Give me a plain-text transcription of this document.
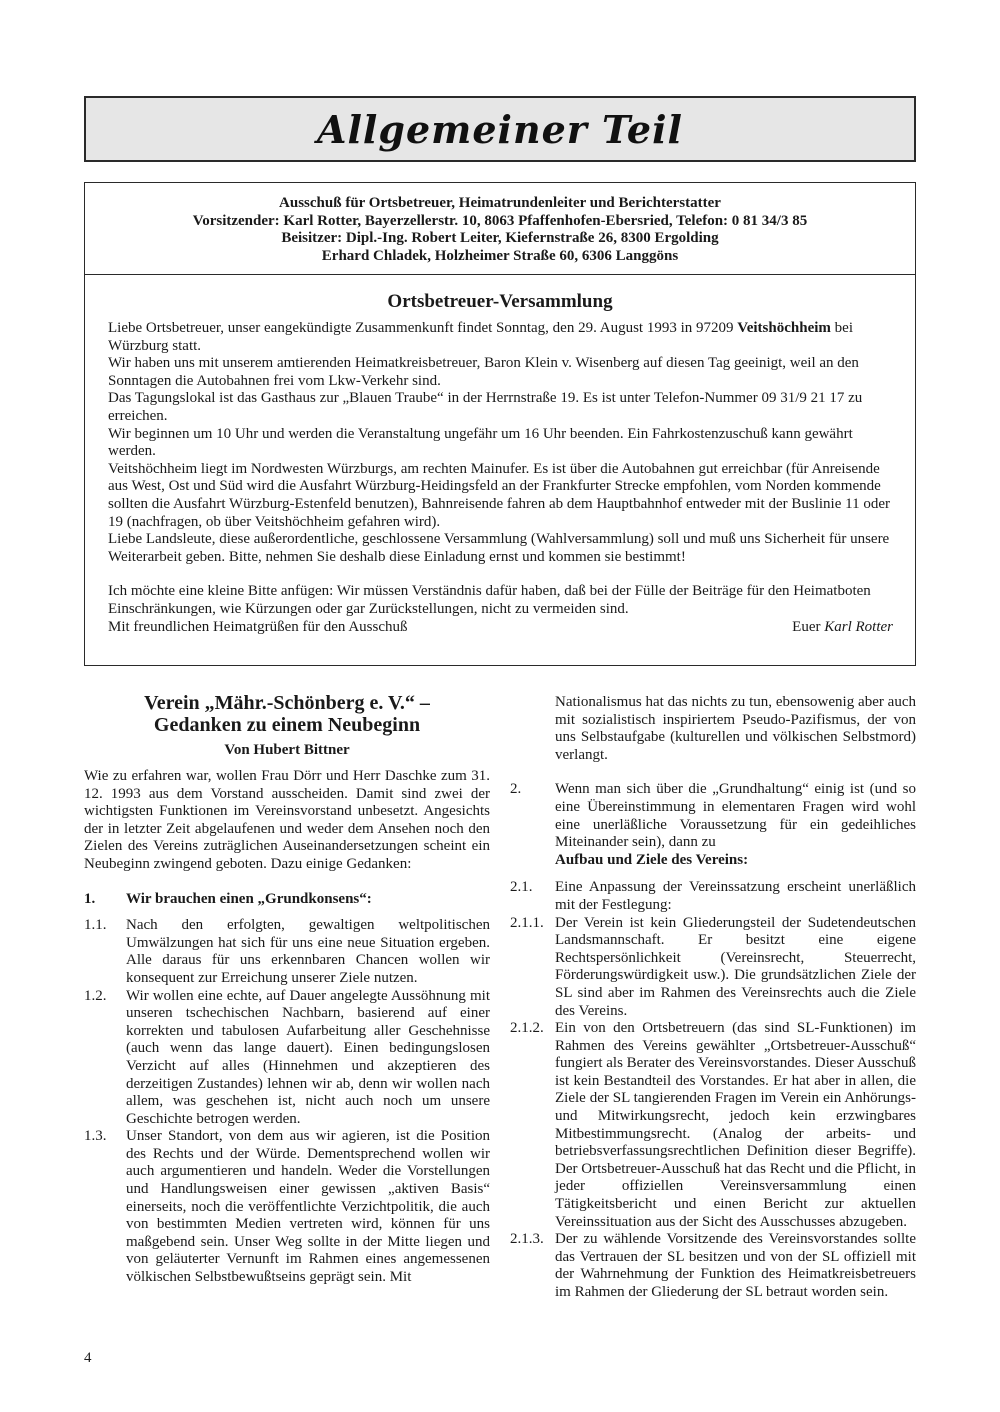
Allgemeiner Teil
Ausschuß für Ortsbetreuer, Heimatrundenleiter und Berichterstatter
Vorsitzender: Karl Rotter, Bayerzellerstr. 10, 8063 Pfaffenhofen-Ebersried, Telefon: 0 81 34/3 85
Beisitzer: Dipl.-Ing. Robert Leiter, Kiefernstraße 26, 8300 Ergolding
Erhard Chladek, Holzheimer Straße 60, 6306 Langgöns
Ortsbetreuer-Versammlung

Liebe Ortsbetreuer, unser eangekündigte Zusammenkunft findet Sonntag, den 29. August 1993 in 97209 Veitshöchheim bei Würzburg statt.

Wir haben uns mit unserem amtierenden Heimatkreisbetreuer, Baron Klein v. Wisenberg auf diesen Tag geeinigt, weil an den Sonntagen die Autobahnen frei vom Lkw-Verkehr sind.

Das Tagungslokal ist das Gasthaus zur „Blauen Traube“ in der Herrnstraße 19. Es ist unter Telefon-Nummer 09 31/9 21 17 zu erreichen.

Wir beginnen um 10 Uhr und werden die Veranstaltung ungefähr um 16 Uhr beenden. Ein Fahrkostenzuschuß kann gewährt werden.

Veitshöchheim liegt im Nordwesten Würzburgs, am rechten Mainufer. Es ist über die Autobahnen gut erreichbar (für Anreisende aus West, Ost und Süd wird die Ausfahrt Würzburg-Heidingsfeld an der Frankfurter Strecke empfohlen, vom Norden kommende sollten die Ausfahrt Würzburg-Estenfeld benutzen), Bahnreisende fahren ab dem Hauptbahnhof entweder mit der Buslinie 11 oder 19 (nachfragen, ob über Veitshöchheim gefahren wird).

Liebe Landsleute, diese außerordentliche, geschlossene Versammlung (Wahlversammlung) soll und muß uns Sicherheit für unsere Weiterarbeit geben. Bitte, nehmen Sie deshalb diese Einladung ernst und kommen sie bestimmt!

Ich möchte eine kleine Bitte anfügen: Wir müssen Verständnis dafür haben, daß bei der Fülle der Beiträge für den Heimatboten Einschränkungen, wie Kürzungen oder gar Zurückstellungen, nicht zu vermeiden sind.

Mit freundlichen Heimatgrüßen für den Ausschuß	Euer Karl Rotter
Verein „Mähr.-Schönberg e. V.“ –
Gedanken zu einem Neubeginn
Von Hubert Bittner
Wie zu erfahren war, wollen Frau Dörr und Herr Daschke zum 31. 12. 1993 aus dem Vorstand ausscheiden. Damit sind zwei der wichtigsten Funktionen im Vereinsvorstand unbesetzt. Angesichts der in letzter Zeit abgelaufenen und weder dem Ansehen noch den Zielen des Vereins zuträglichen Auseinandersetzungen scheint ein Neubeginn zwingend geboten. Dazu einige Gedanken:
1.	Wir brauchen einen „Grundkonsens“:
1.1.	Nach den erfolgten, gewaltigen weltpolitischen Umwälzungen hat sich für uns eine neue Situation ergeben. Alle daraus für uns erkennbaren Chancen wollen wir konsequent zur Erreichung unserer Ziele nutzen.
1.2.	Wir wollen eine echte, auf Dauer angelegte Aussöhnung mit unseren tschechischen Nachbarn, basierend auf einer korrekten und tabulosen Aufarbeitung aller Geschehnisse (auch wenn das lange dauert). Einen bedingungslosen Verzicht auf alles (Hinnehmen und akzeptieren des derzeitigen Zustandes) lehnen wir ab, denn wir wollen nach allem, was geschehen ist, nicht auch noch um unsere Geschichte betrogen werden.
1.3.	Unser Standort, von dem aus wir agieren, ist die Position des Rechts und der Würde. Dementsprechend wollen wir auch argumentieren und handeln. Weder die Vorstellungen und Handlungsweisen einer gewissen „aktiven Basis“ einerseits, noch die veröffentlichte Verzichtpolitik, die auch von bestimmten Medien vertreten wird, können für uns maßgebend sein. Unser Weg sollte in der Mitte liegen und von geläuterter Vernunft im Rahmen eines angemessenen völkischen Selbstbewußtseins geprägt sein. Mit
Nationalismus hat das nichts zu tun, ebensowenig aber auch mit sozialistisch inspiriertem Pseudo-Pazifismus, der von uns Selbstaufgabe (kulturellen und völkischen Selbstmord) verlangt.
2.	Wenn man sich über die „Grundhaltung“ einig ist (und so eine Übereinstimmung in elementaren Fragen wird wohl eine unerläßliche Voraussetzung für ein gedeihliches Miteinander sein), dann zu
Aufbau und Ziele des Vereins:
2.1.	Eine Anpassung der Vereinssatzung erscheint unerläßlich mit der Festlegung:
2.1.1. Der Verein ist kein Gliederungsteil der Sudetendeutschen Landsmannschaft. Er besitzt eine eigene Rechtspersönlichkeit (Vereinsrecht, Steuerrecht, Förderungswürdigkeit usw.). Die grundsätzlichen Ziele der SL sind aber im Rahmen des Vereinsrechts auch die Ziele des Vereins.
2.1.2. Ein von den Ortsbetreuern (das sind SL-Funktionen) im Rahmen des Vereins gewählter „Ortsbetreuer-Ausschuß“ fungiert als Berater des Vereinsvorstandes. Dieser Ausschuß ist kein Bestandteil des Vorstandes. Er hat aber in allen, die Ziele der SL tangierenden Fragen im Verein ein Anhörungs- und Mitwirkungsrecht, jedoch kein erzwingbares Mitbestimmungsrecht. (Analog der arbeits- und betriebsverfassungsrechtlichen Definition dieser Begriffe). Der Ortsbetreuer-Ausschuß hat das Recht und die Pflicht, in jeder offiziellen Vereinsversammlung einen Tätigkeitsbericht und einen Bericht zur aktuellen Vereinssituation aus der Sicht des Ausschusses abzugeben.
2.1.3. Der zu wählende Vorsitzende des Vereinsvorstandes sollte das Vertrauen der SL besitzen und von der SL offiziell mit der Wahrnehmung der Funktion des Heimatkreisbetreuers im Rahmen der Gliederung der SL betraut worden sein.
4
